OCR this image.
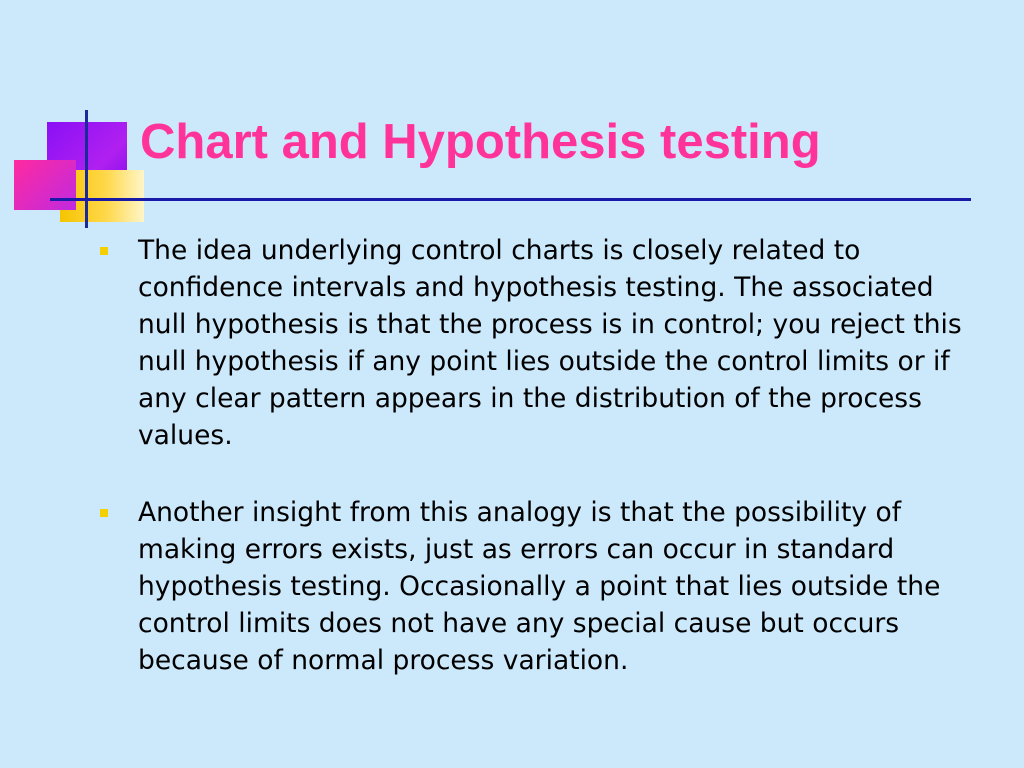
Chart and Hypothesis testing
The idea underlying control charts is closely related to confidence intervals and hypothesis testing. The associated null hypothesis is that the process is in control; you reject this null hypothesis if any point lies outside the control limits or if any clear pattern appears in the distribution of the process values.
Another insight from this analogy is that the possibility of making errors exists, just as errors can occur in standard hypothesis testing. Occasionally a point that lies outside the control limits does not have any special cause but occurs because of normal process variation.
